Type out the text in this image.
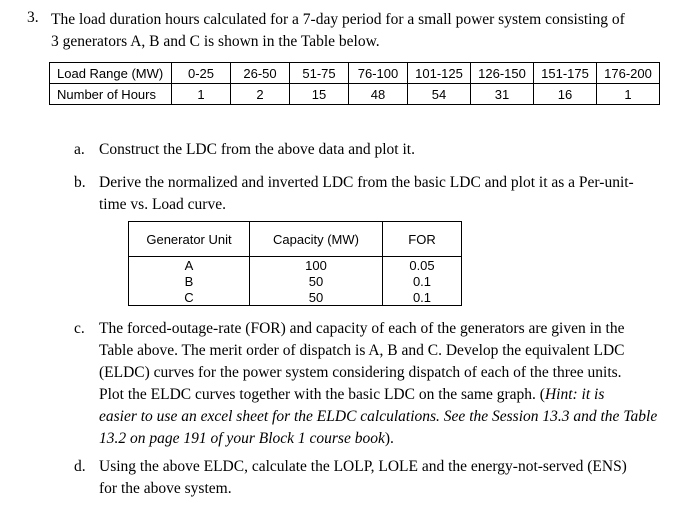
3. The load duration hours calculated for a 7-day period for a small power system consisting of
3 generators A, B and C is shown in the Table below.
Load Range (MW)	0-25	26-50	51-75	76-100	101-125	126-150	151-175	176-200
Number of Hours	1	2	15	48	54	31	16	1
a. Construct the LDC from the above data and plot it.
b. Derive the normalized and inverted LDC from the basic LDC and plot it as a Per-unit-
time vs. Load curve.
Generator Unit	Capacity (MW)	FOR
A	100	0.05
B	50	0.1
C	50	0.1
c. The forced-outage-rate (FOR) and capacity of each of the generators are given in the
Table above. The merit order of dispatch is A, B and C. Develop the equivalent LDC
(ELDC) curves for the power system considering dispatch of each of the three units.
Plot the ELDC curves together with the basic LDC on the same graph. (Hint: it is
easier to use an excel sheet for the ELDC calculations. See the Session 13.3 and the Table
13.2 on page 191 of your Block 1 course book).
d. Using the above ELDC, calculate the LOLP, LOLE and the energy-not-served (ENS)
for the above system.
